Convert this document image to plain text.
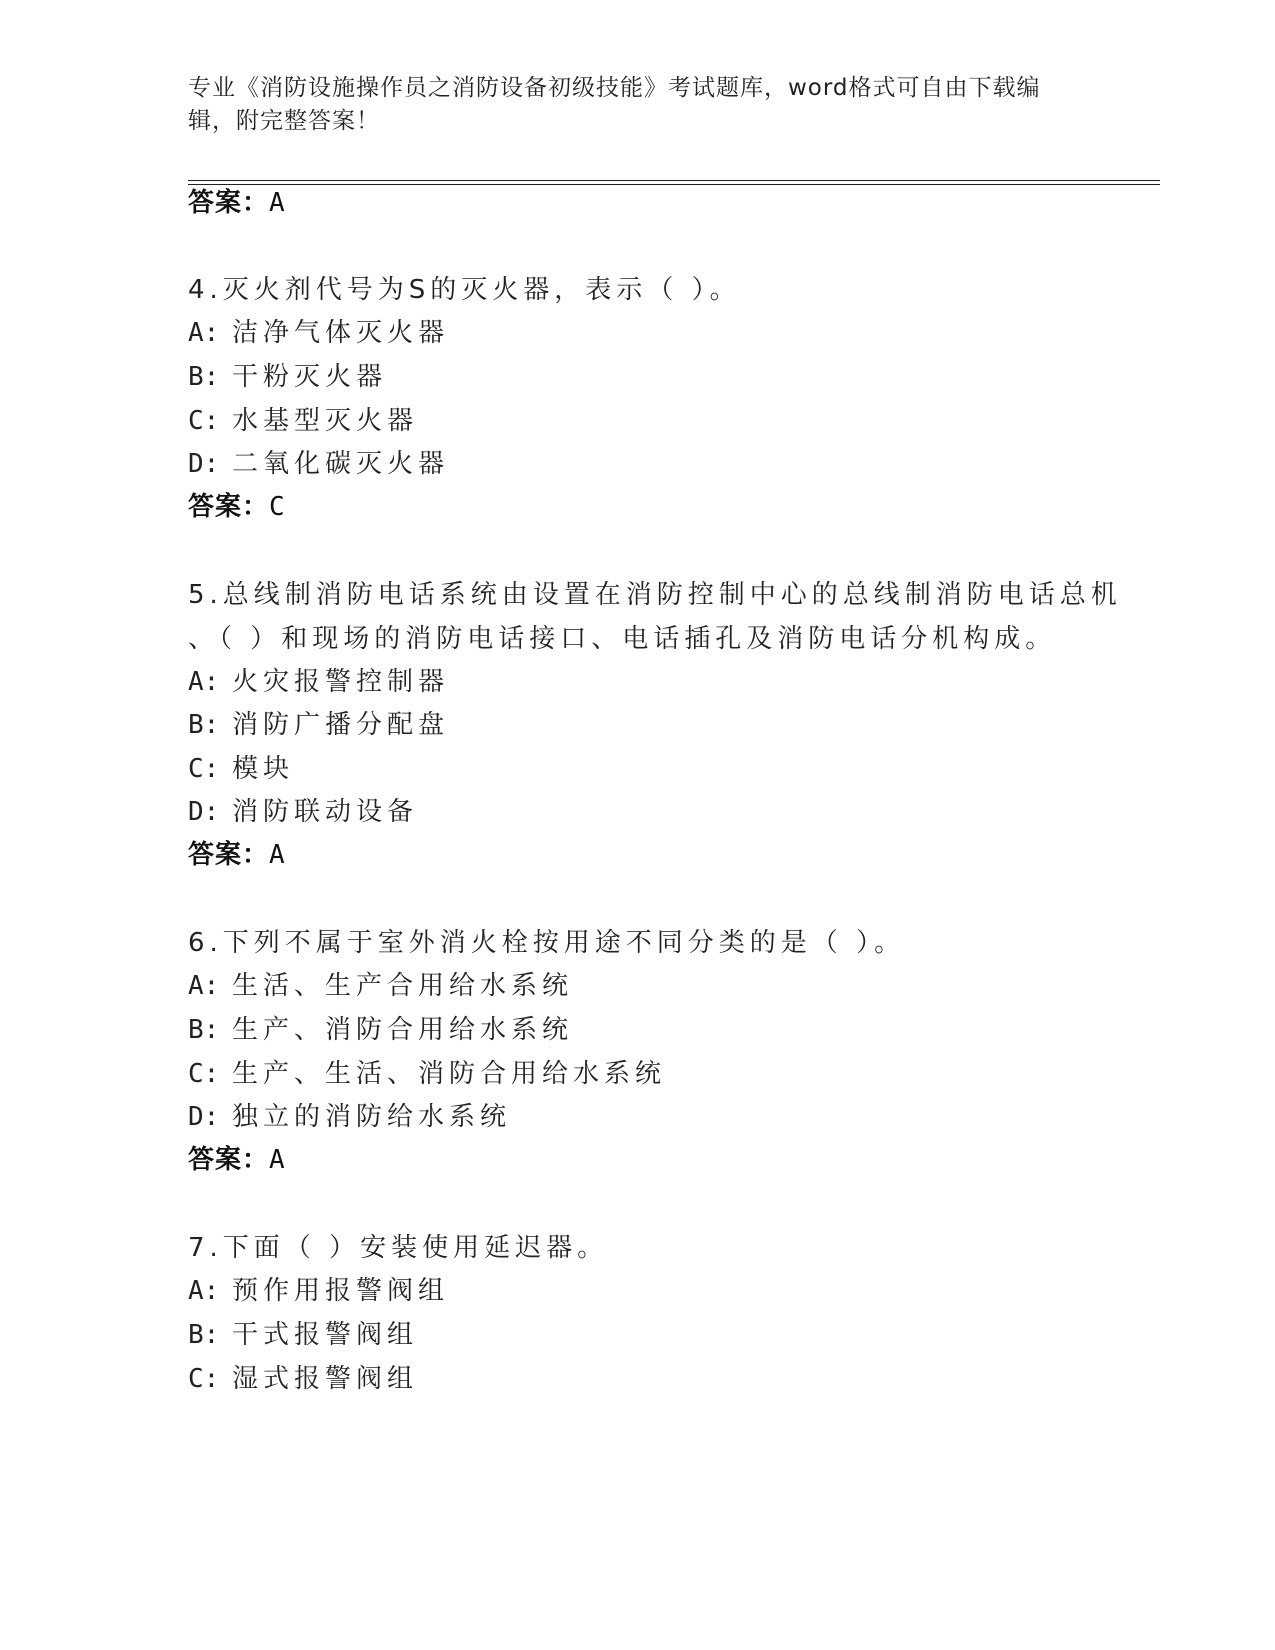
专业《消防设施操作员之消防设备初级技能》考试题库，word格式可自由下载编
辑，附完整答案！
答案：A
4.灭火剂代号为S的灭火器，表示（ ）。
A: 洁净气体灭火器
B: 干粉灭火器
C: 水基型灭火器
D: 二氧化碳灭火器
答案：C
5.总线制消防电话系统由设置在消防控制中心的总线制消防电话总机
、（ ）和现场的消防电话接口、电话插孔及消防电话分机构成。
A: 火灾报警控制器
B: 消防广播分配盘
C: 模块
D: 消防联动设备
答案：A
6.下列不属于室外消火栓按用途不同分类的是（ ）。
A: 生活、生产合用给水系统
B: 生产、消防合用给水系统
C: 生产、生活、消防合用给水系统
D: 独立的消防给水系统
答案：A
7.下面（ ）安装使用延迟器。
A: 预作用报警阀组
B: 干式报警阀组
C: 湿式报警阀组
